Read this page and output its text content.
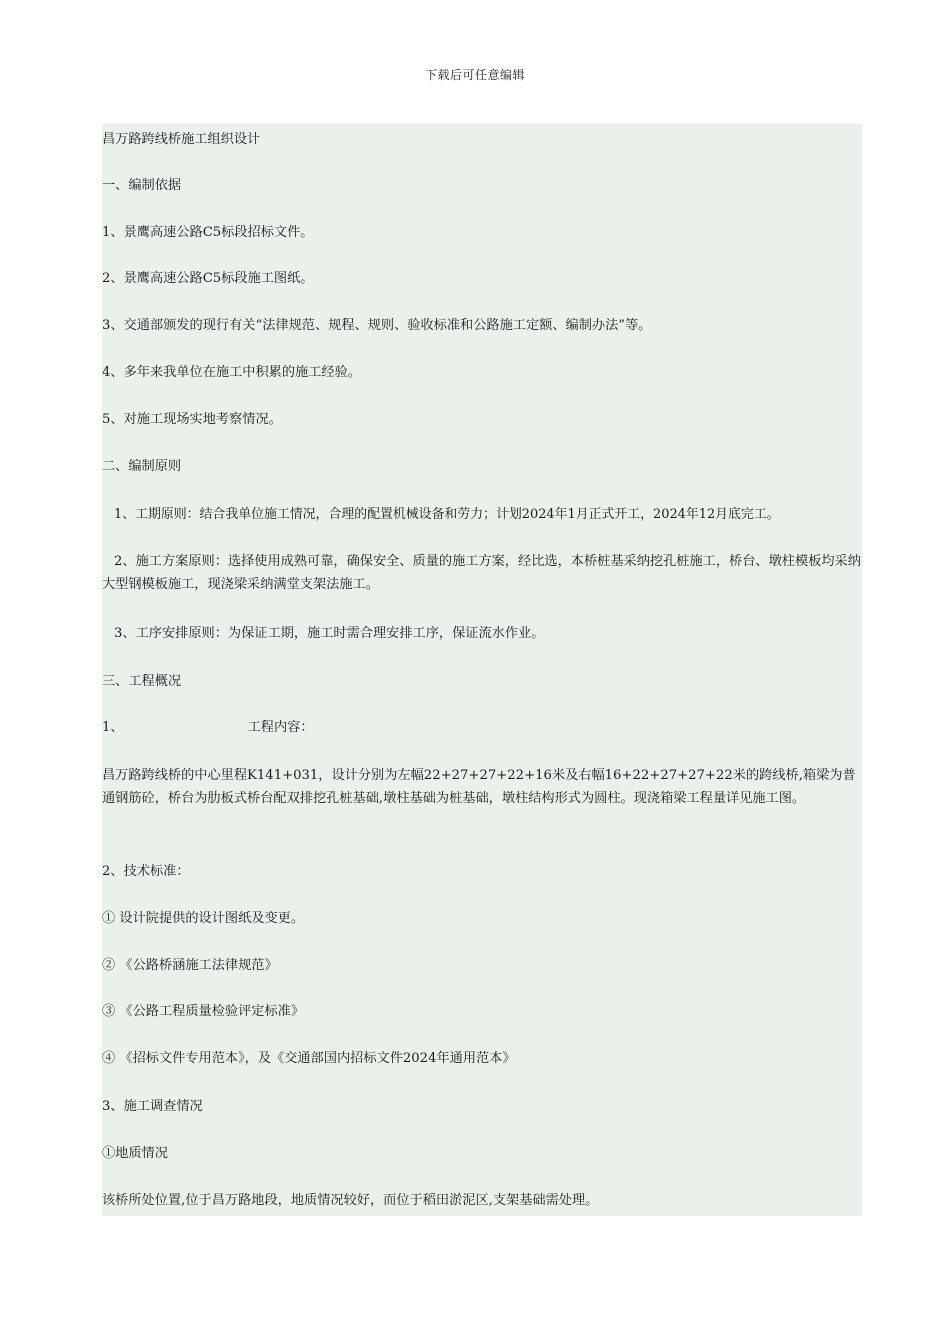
下载后可任意编辑
昌万路跨线桥施工组织设计
一、编制依据
1、景鹰高速公路C5标段招标文件。
2、景鹰高速公路C5标段施工图纸。
3、交通部颁发的现行有关“法律规范、规程、规则、验收标准和公路施工定额、编制办法”等。
4、多年来我单位在施工中积累的施工经验。
5、对施工现场实地考察情况。
二、编制原则
1、工期原则：结合我单位施工情况，合理的配置机械设备和劳力；计划2024年1月正式开工，2024年12月底完工。
2、施工方案原则：选择使用成熟可靠，确保安全、质量的施工方案，经比选，本桥桩基采纳挖孔桩施工，桥台、墩柱模板均采纳大型钢模板施工，现浇梁采纳满堂支架法施工。
3、工序安排原则：为保证工期，施工时需合理安排工序，保证流水作业。
三、工程概况
1、	工程内容：
昌万路跨线桥的中心里程K141+031，设计分别为左幅22+27+27+22+16米及右幅16+22+27+27+22米的跨线桥,箱梁为普通钢筋砼，桥台为肋板式桥台配双排挖孔桩基础,墩柱基础为桩基础，墩柱结构形式为圆柱。现浇箱梁工程量详见施工图。
2、技术标准：
① 设计院提供的设计图纸及变更。
② 《公路桥涵施工法律规范》
③ 《公路工程质量检验评定标准》
④ 《招标文件专用范本》，及《交通部国内招标文件2024年通用范本》
3、施工调查情况
①地质情况
该桥所处位置,位于昌万路地段，地质情况较好，而位于稻田淤泥区,支架基础需处理。
